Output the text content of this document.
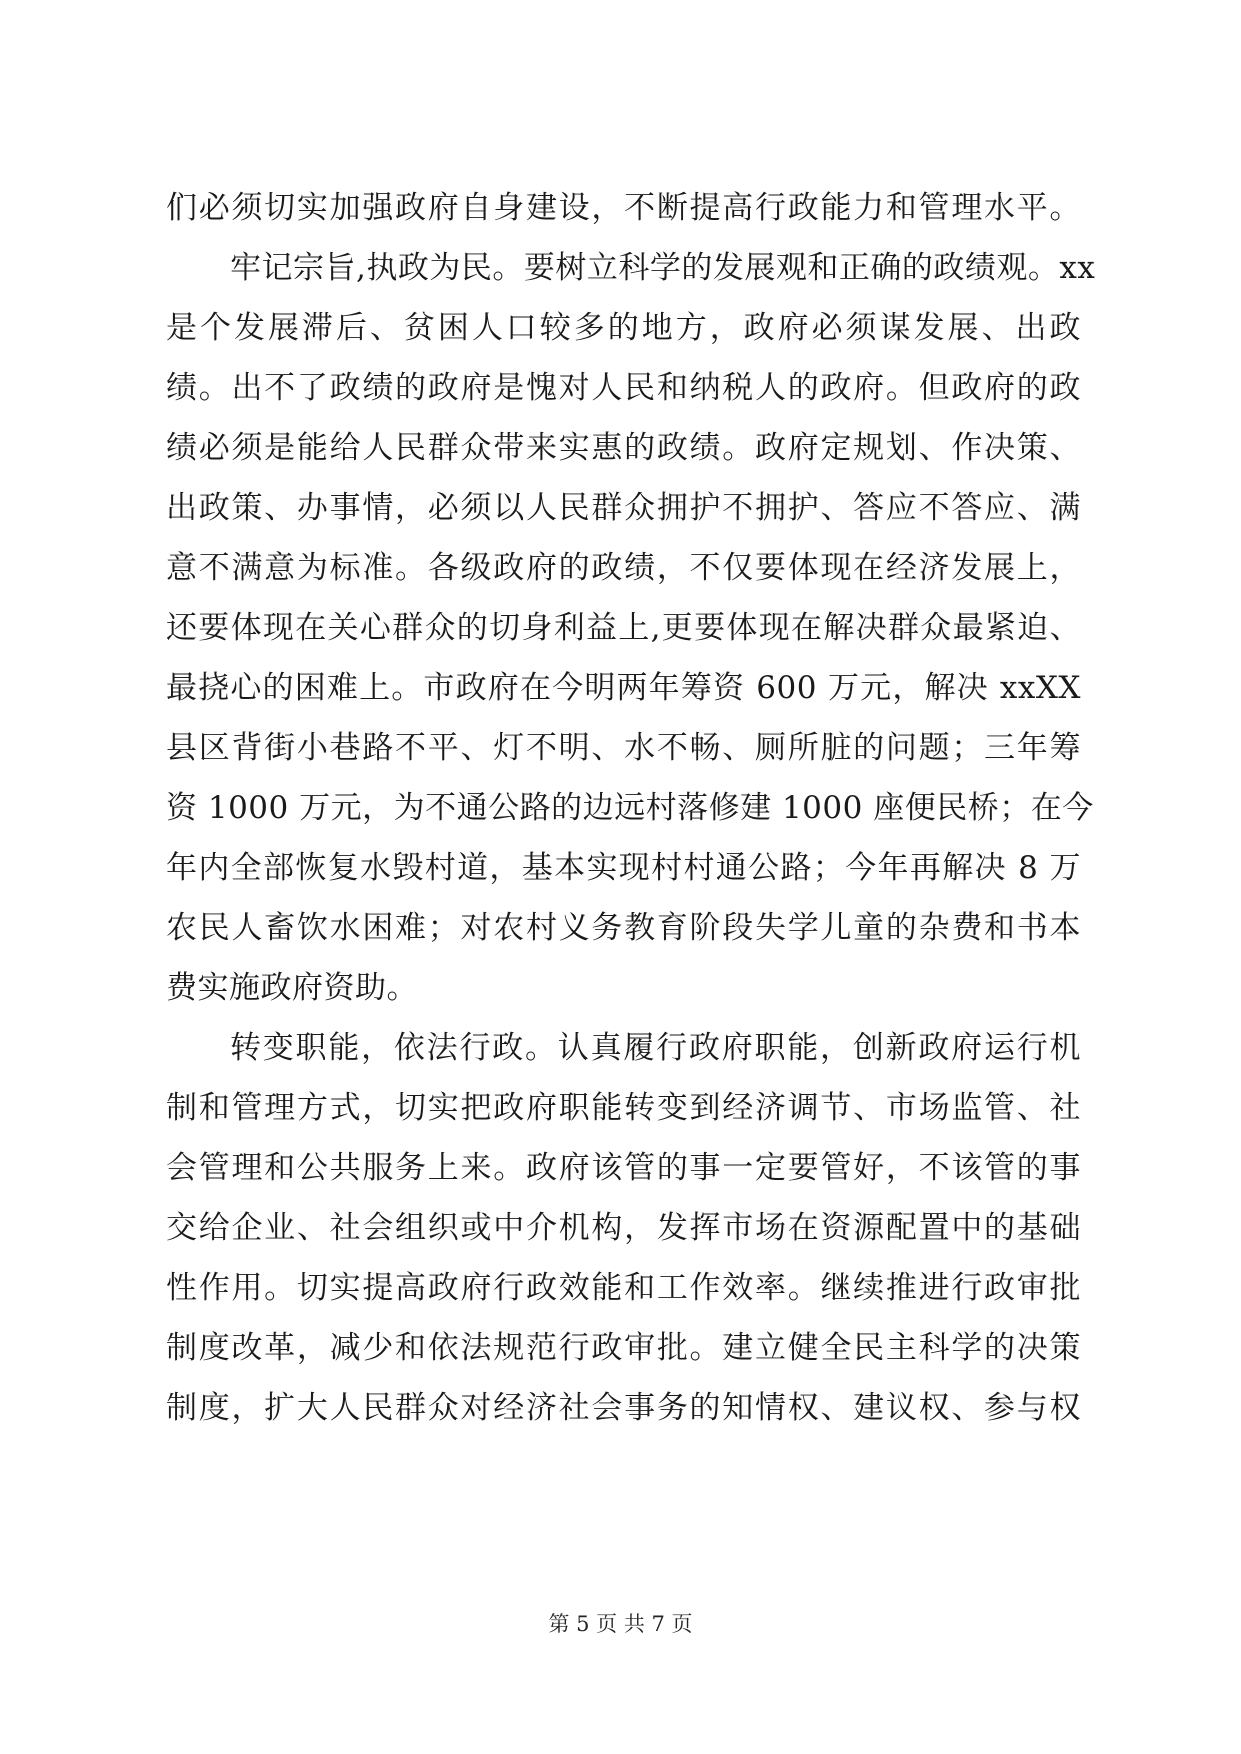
们必须切实加强政府自身建设，不断提高行政能力和管理水平。
牢记宗旨,执政为民。要树立科学的发展观和正确的政绩观。xx
是个发展滞后、贫困人口较多的地方，政府必须谋发展、出政
绩。出不了政绩的政府是愧对人民和纳税人的政府。但政府的政
绩必须是能给人民群众带来实惠的政绩。政府定规划、作决策、
出政策、办事情，必须以人民群众拥护不拥护、答应不答应、满
意不满意为标准。各级政府的政绩，不仅要体现在经济发展上，
还要体现在关心群众的切身利益上,更要体现在解决群众最紧迫、
最挠心的困难上。市政府在今明两年筹资 600 万元，解决 xxXX
县区背街小巷路不平、灯不明、水不畅、厕所脏的问题；三年筹
资 1000 万元，为不通公路的边远村落修建 1000 座便民桥；在今
年内全部恢复水毁村道，基本实现村村通公路；今年再解决 8 万
农民人畜饮水困难；对农村义务教育阶段失学儿童的杂费和书本
费实施政府资助。
转变职能，依法行政。认真履行政府职能，创新政府运行机
制和管理方式，切实把政府职能转变到经济调节、市场监管、社
会管理和公共服务上来。政府该管的事一定要管好，不该管的事
交给企业、社会组织或中介机构，发挥市场在资源配置中的基础
性作用。切实提高政府行政效能和工作效率。继续推进行政审批
制度改革，减少和依法规范行政审批。建立健全民主科学的决策
制度，扩大人民群众对经济社会事务的知情权、建议权、参与权
第 5 页 共 7 页
